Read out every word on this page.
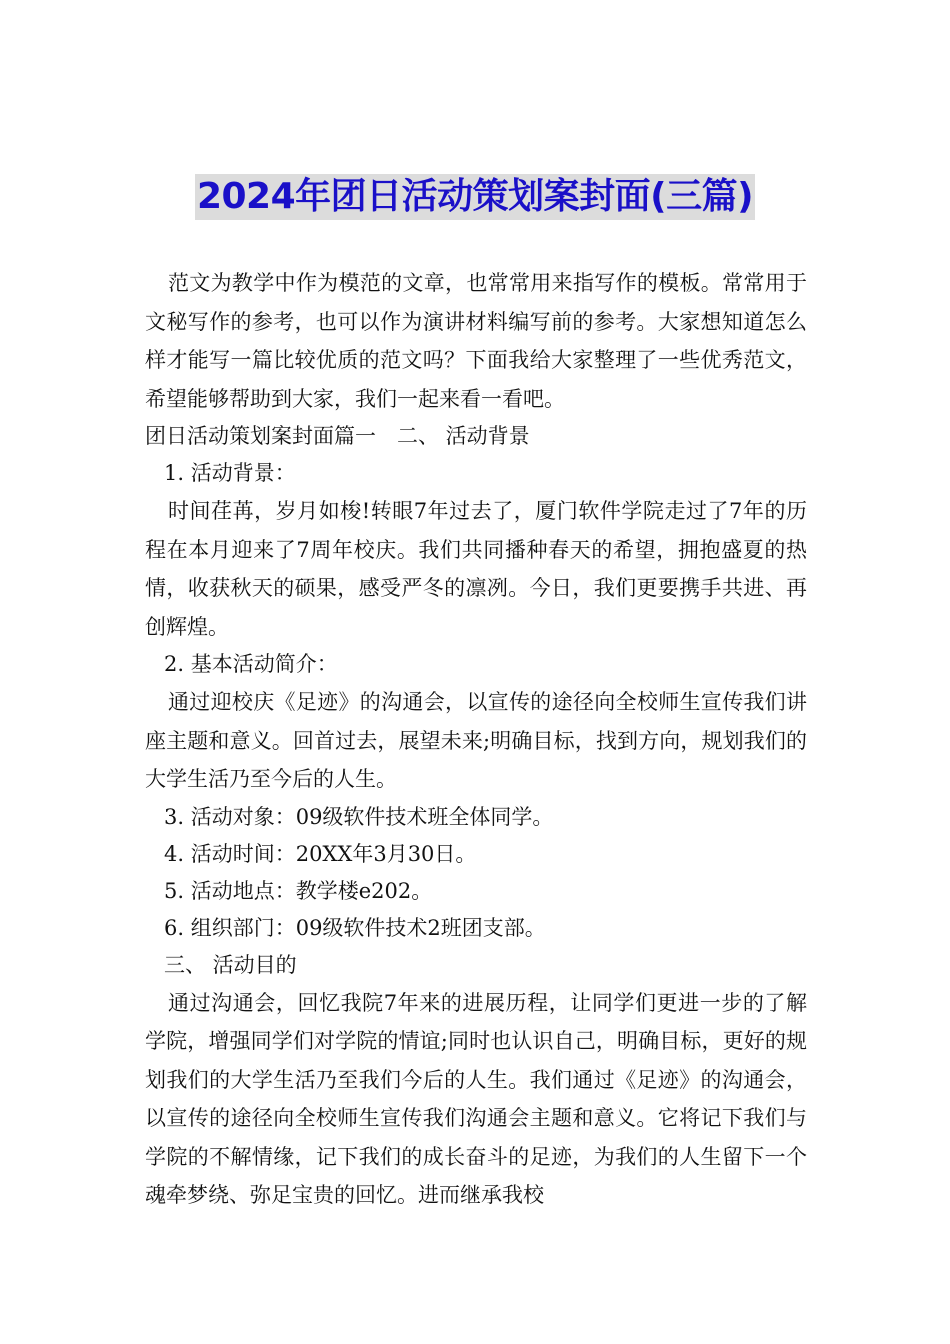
2024年团日活动策划案封面(三篇)

范文为教学中作为模范的文章，也常常用来指写作的模板。常常用于文秘写作的参考，也可以作为演讲材料编写前的参考。大家想知道怎么样才能写一篇比较优质的范文吗？下面我给大家整理了一些优秀范文，希望能够帮助到大家，我们一起来看一看吧。

团日活动策划案封面篇一　二、 活动背景

1. 活动背景：

时间荏苒，岁月如梭!转眼7年过去了，厦门软件学院走过了7年的历程在本月迎来了7周年校庆。我们共同播种春天的希望，拥抱盛夏的热情，收获秋天的硕果，感受严冬的凛冽。今日，我们更要携手共进、再创辉煌。

2. 基本活动简介：

通过迎校庆《足迹》的沟通会，以宣传的途径向全校师生宣传我们讲座主题和意义。回首过去，展望未来;明确目标，找到方向，规划我们的大学生活乃至今后的人生。

3. 活动对象：09级软件技术班全体同学。

4. 活动时间：20XX年3月30日。

5. 活动地点：教学楼e202。

6. 组织部门：09级软件技术2班团支部。

三、 活动目的

通过沟通会，回忆我院7年来的进展历程，让同学们更进一步的了解学院，增强同学们对学院的情谊;同时也认识自己，明确目标，更好的规划我们的大学生活乃至我们今后的人生。我们通过《足迹》的沟通会，以宣传的途径向全校师生宣传我们沟通会主题和意义。它将记下我们与学院的不解情缘，记下我们的成长奋斗的足迹，为我们的人生留下一个魂牵梦绕、弥足宝贵的回忆。进而继承我校
